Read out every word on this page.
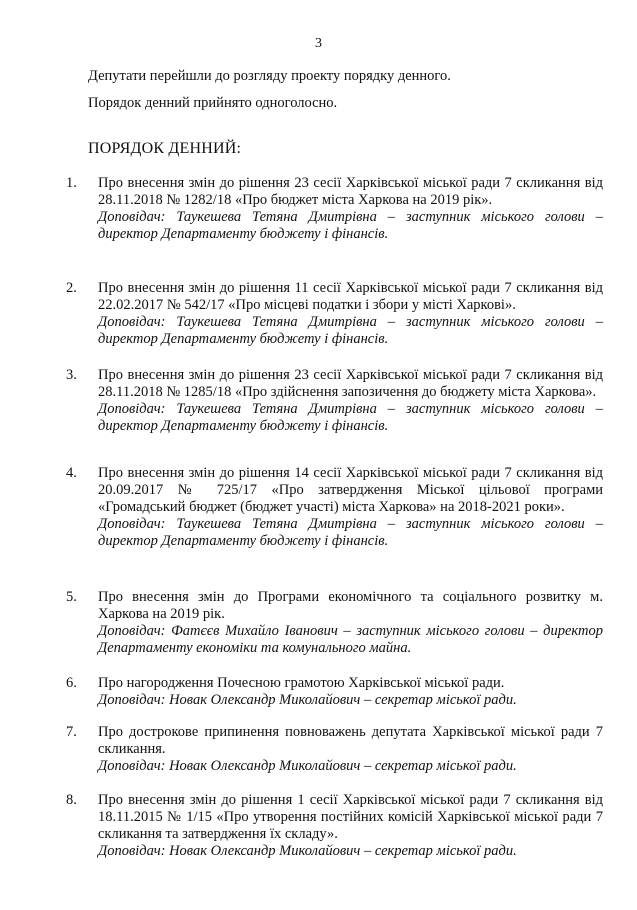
3
Депутати перейшли до розгляду проекту порядку денного.
Порядок денний прийнято одноголосно.
ПОРЯДОК ДЕННИЙ:
1.	Про внесення змін до рішення 23 сесії Харківської міської ради 7 скликання від 28.11.2018 № 1282/18 «Про бюджет міста Харкова на 2019 рік».

Доповідач: Таукешева Тетяна Дмитрівна – заступник міського голови – директор Департаменту бюджету і фінансів.

2.	Про внесення змін до рішення 11 сесії Харківської міської ради 7 скликання від 22.02.2017 № 542/17 «Про місцеві податки і збори у місті Харкові».

Доповідач: Таукешева Тетяна Дмитрівна – заступник міського голови – директор Департаменту бюджету і фінансів.

3.	Про внесення змін до рішення 23 сесії Харківської міської ради 7 скликання від 28.11.2018 № 1285/18 «Про здійснення запозичення до бюджету міста Харкова».

Доповідач: Таукешева Тетяна Дмитрівна – заступник міського голови – директор Департаменту бюджету і фінансів.

4.	Про внесення змін до рішення 14 сесії Харківської міської ради 7 скликання від 20.09.2017 № 725/17 «Про затвердження Міської цільової програми «Громадський бюджет (бюджет участі) міста Харкова» на 2018-2021 роки».

Доповідач: Таукешева Тетяна Дмитрівна – заступник міського голови – директор Департаменту бюджету і фінансів.

5.	Про внесення змін до Програми економічного та соціального розвитку м. Харкова на 2019 рік.

Доповідач: Фатєєв Михайло Іванович – заступник міського голови – директор Департаменту економіки та комунального майна.

6.	Про нагородження Почесною грамотою Харківської міської ради.

Доповідач: Новак Олександр Миколайович – секретар міської ради.

7.	Про дострокове припинення повноважень депутата Харківської міської ради 7 скликання.

Доповідач: Новак Олександр Миколайович – секретар міської ради.

8.	Про внесення змін до рішення 1 сесії Харківської міської ради 7 скликання від 18.11.2015 № 1/15 «Про утворення постійних комісій Харківської міської ради 7 скликання та затвердження їх складу».

Доповідач: Новак Олександр Миколайович – секретар міської ради.
